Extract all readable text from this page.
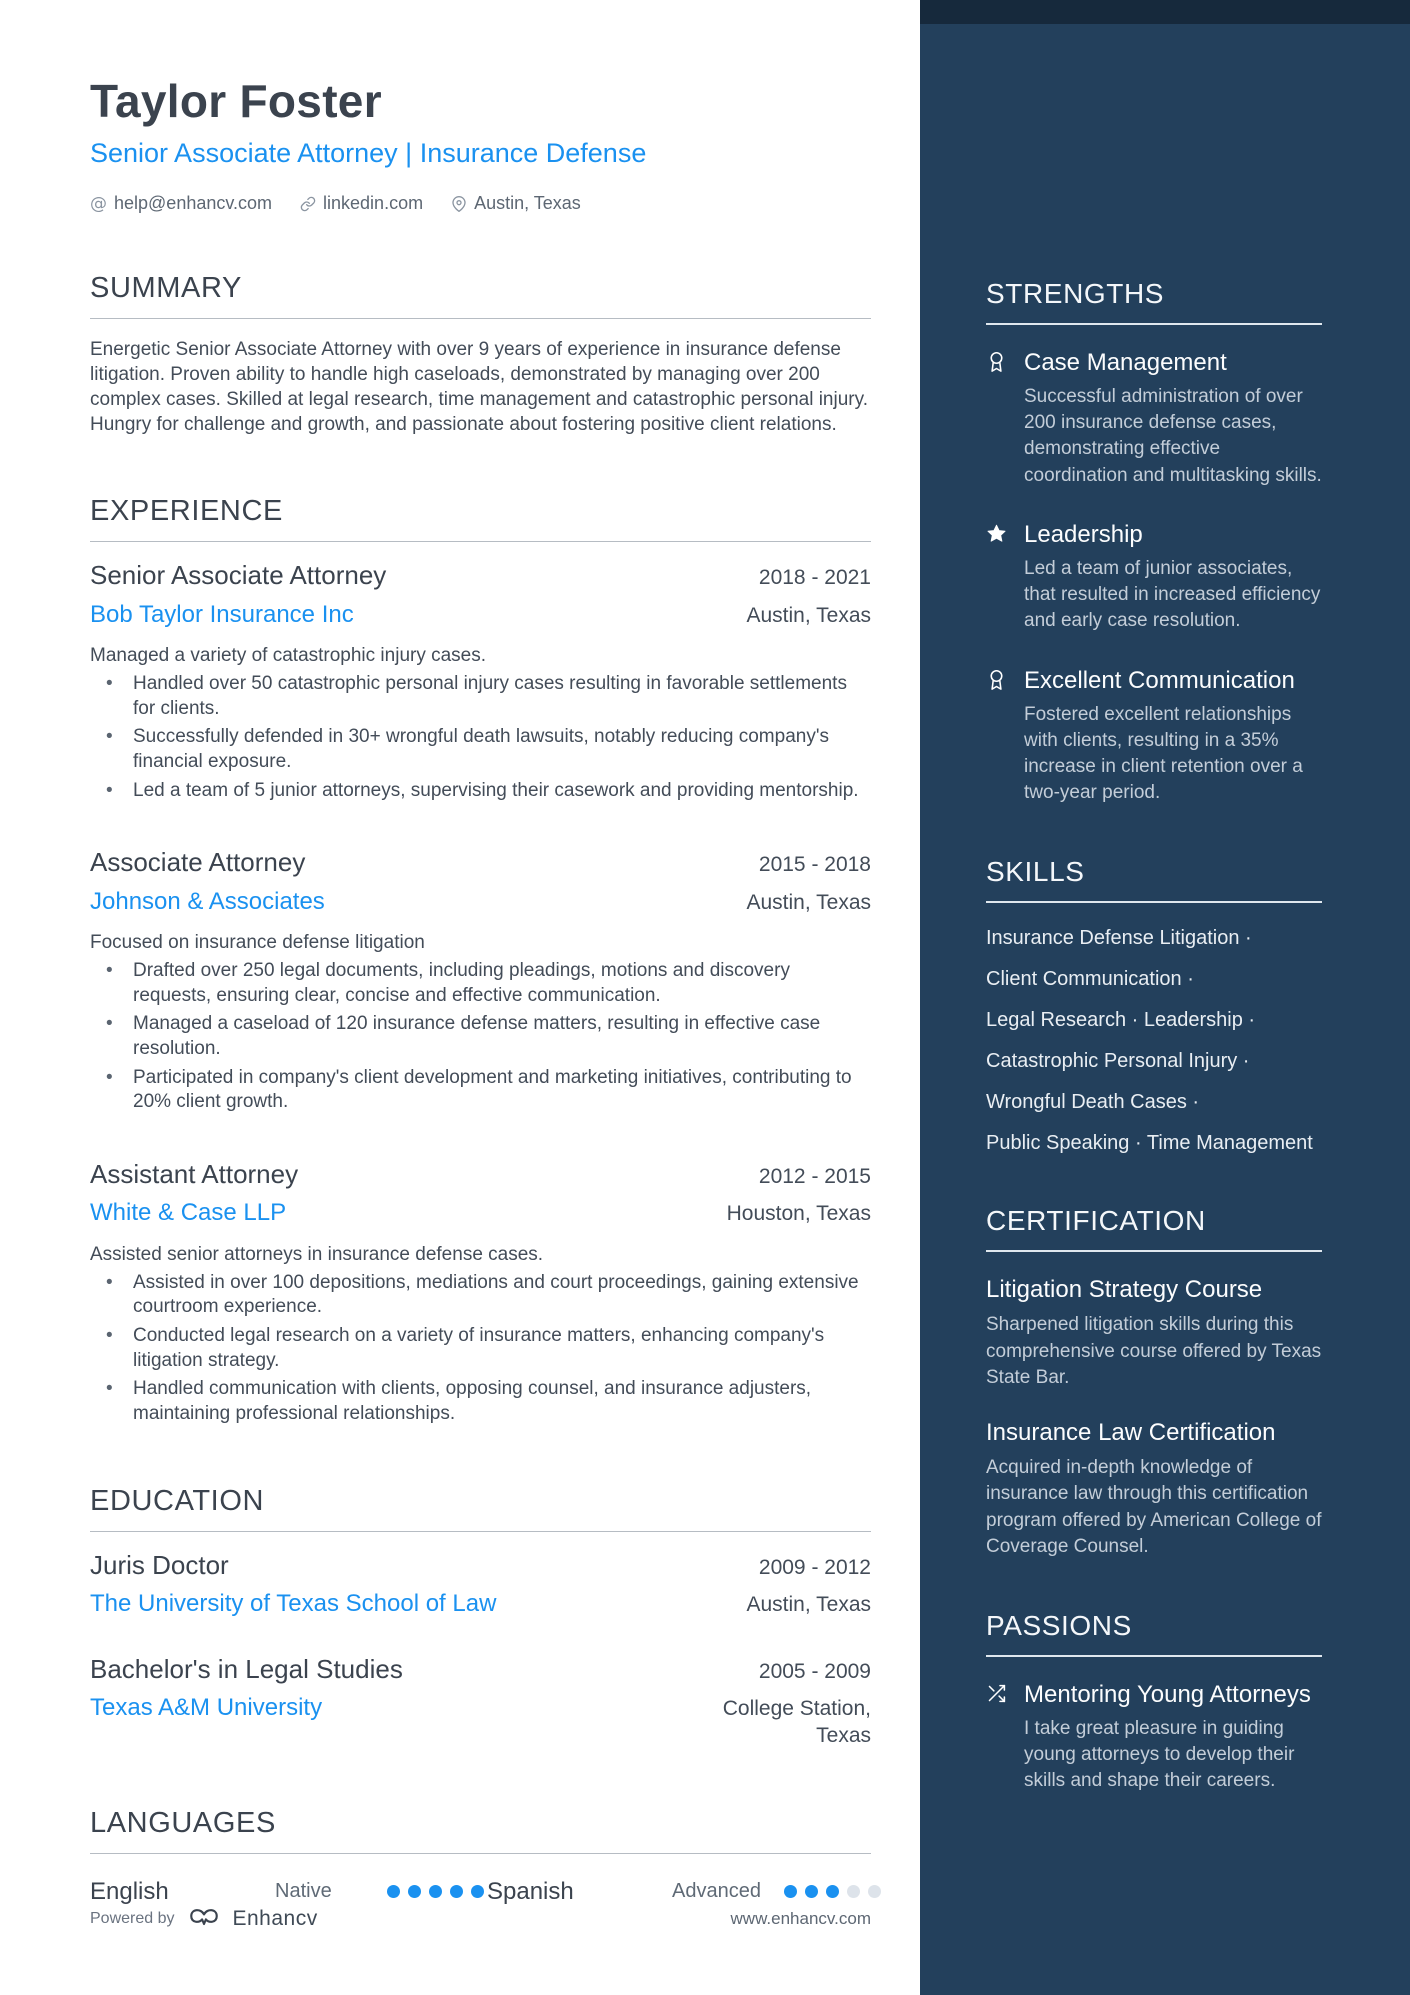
Taylor Foster
Senior Associate Attorney | Insurance Defense
@ help@enhancv.com	linkedin.com	Austin, Texas
SUMMARY

Energetic Senior Associate Attorney with over 9 years of experience in insurance defense litigation. Proven ability to handle high caseloads, demonstrated by managing over 200 complex cases. Skilled at legal research, time management and catastrophic personal injury. Hungry for challenge and growth, and passionate about fostering positive client relations.

EXPERIENCE
Senior Associate Attorney	2018 - 2021
Bob Taylor Insurance Inc	Austin, Texas
Managed a variety of catastrophic injury cases.
• Handled over 50 catastrophic personal injury cases resulting in favorable settlements for clients.
• Successfully defended in 30+ wrongful death lawsuits, notably reducing company's financial exposure.
• Led a team of 5 junior attorneys, supervising their casework and providing mentorship.
Associate Attorney	2015 - 2018
Johnson & Associates	Austin, Texas
Focused on insurance defense litigation
• Drafted over 250 legal documents, including pleadings, motions and discovery requests, ensuring clear, concise and effective communication.
• Managed a caseload of 120 insurance defense matters, resulting in effective case resolution.
• Participated in company's client development and marketing initiatives, contributing to 20% client growth.
Assistant Attorney	2012 - 2015
White & Case LLP	Houston, Texas
Assisted senior attorneys in insurance defense cases.
• Assisted in over 100 depositions, mediations and court proceedings, gaining extensive courtroom experience.
• Conducted legal research on a variety of insurance matters, enhancing company's litigation strategy.
• Handled communication with clients, opposing counsel, and insurance adjusters, maintaining professional relationships.
EDUCATION
Juris Doctor	2009 - 2012
The University of Texas School of Law	Austin, Texas
Bachelor's in Legal Studies	2005 - 2009
Texas A&M University	College Station, Texas
LANGUAGES
English	Native	Spanish	Advanced
Powered by	Enhancv	www.enhancv.com
STRENGTHS
Case Management
Successful administration of over 200 insurance defense cases, demonstrating effective coordination and multitasking skills.
Leadership
Led a team of junior associates, that resulted in increased efficiency and early case resolution.
Excellent Communication
Fostered excellent relationships with clients, resulting in a 35% increase in client retention over a two-year period.
SKILLS
Insurance Defense Litigation ·
Client Communication ·
Legal Research · Leadership ·
Catastrophic Personal Injury ·
Wrongful Death Cases ·
Public Speaking · Time Management
CERTIFICATION
Litigation Strategy Course
Sharpened litigation skills during this comprehensive course offered by Texas State Bar.
Insurance Law Certification
Acquired in-depth knowledge of insurance law through this certification program offered by American College of Coverage Counsel.
PASSIONS
Mentoring Young Attorneys
I take great pleasure in guiding young attorneys to develop their skills and shape their careers.
